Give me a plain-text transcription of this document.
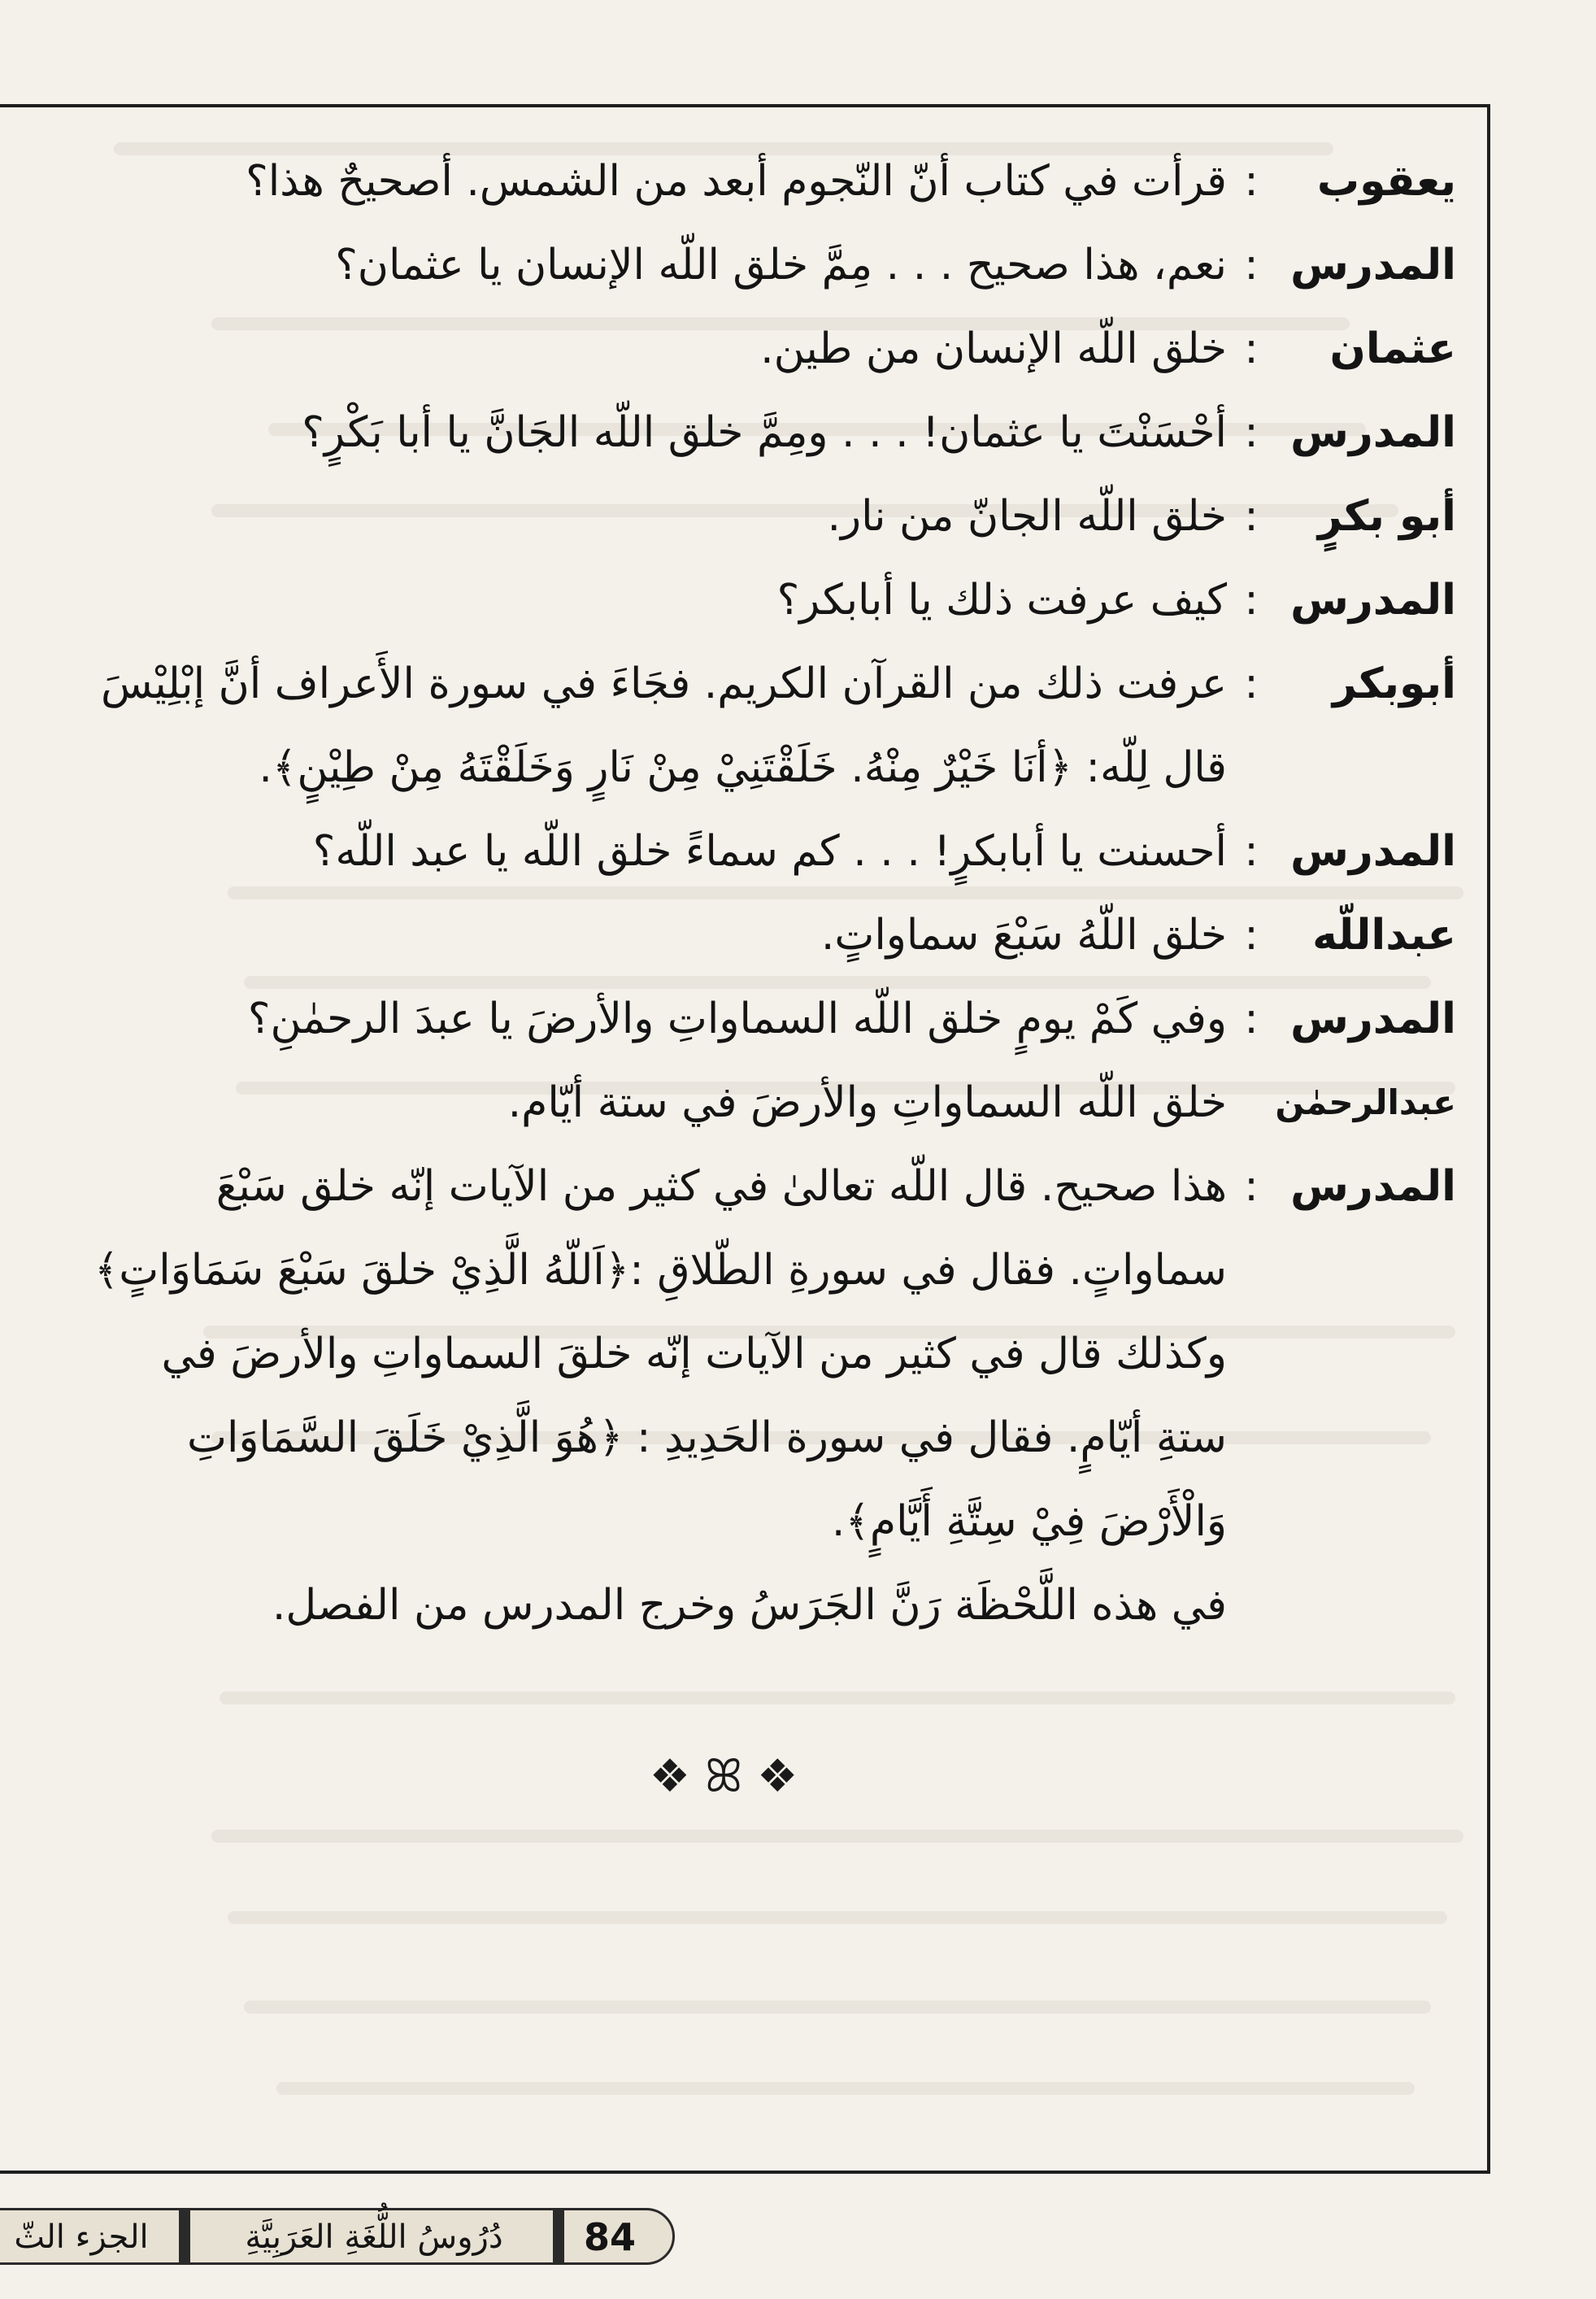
يعقوب
:
قرأت في كتاب أنّ النّجوم أبعد من الشمس. أصحيحٌ هذا؟
المدرس
:
نعم، هذا صحيح . . . مِمَّ خلق اللّه الإنسان يا عثمان؟
عثمان
:
خلق اللّه الإنسان من طين.
المدرس
:
أحْسَنْتَ يا عثمان! . . . ومِمَّ خلق اللّه الجَانَّ يا أبا بَكْرٍ؟
أبو بكرٍ
:
خلق اللّه الجانّ من نار.
المدرس
:
كيف عرفت ذلك يا أبابكر؟
أبوبكر
:
عرفت ذلك من القرآن الكريم. فجَاءَ في سورة الأَعراف أنَّ إبْلِيْسَ
قال لِلّه: ﴿أنَا خَيْرٌ مِنْهُ. خَلَقْتَنِيْ مِنْ نَارٍ وَخَلَقْتَهُ مِنْ طِيْنٍ﴾.
المدرس
:
أحسنت يا أبابكرٍ! . . . كم سماءً خلق اللّه يا عبد اللّه؟
عبداللّه
:
خلق اللّهُ سَبْعَ سماواتٍ.
المدرس
:
وفي كَمْ يومٍ خلق اللّه السماواتِ والأرضَ يا عبدَ الرحمٰنِ؟
عبدالرحمٰن
خلق اللّه السماواتِ والأرضَ في ستة أيّام.
المدرس
:
هذا صحيح. قال اللّه تعالىٰ في كثير من الآيات إنّه خلق سَبْعَ
سماواتٍ. فقال في سورةِ الطّلاقِ :﴿اَللّهُ الَّذِيْ خلقَ سَبْعَ سَمَاوَاتٍ﴾
وكذلك قال في كثير من الآيات إنّه خلقَ السماواتِ والأرضَ في
ستةِ أيّامٍ. فقال في سورة الحَدِيدِ : ﴿هُوَ الَّذِيْ خَلَقَ السَّمَاوَاتِ
وَالْأَرْضَ فِيْ سِتَّةِ أَيَّامٍ﴾.
في هذه اللَّحْظَة رَنَّ الجَرَسُ وخرج المدرس من الفصل.
❖ ꕤ ❖
الجزء الثّ	دُرُوسُ اللُّغَةِ العَرَبِيَّةِ	84
